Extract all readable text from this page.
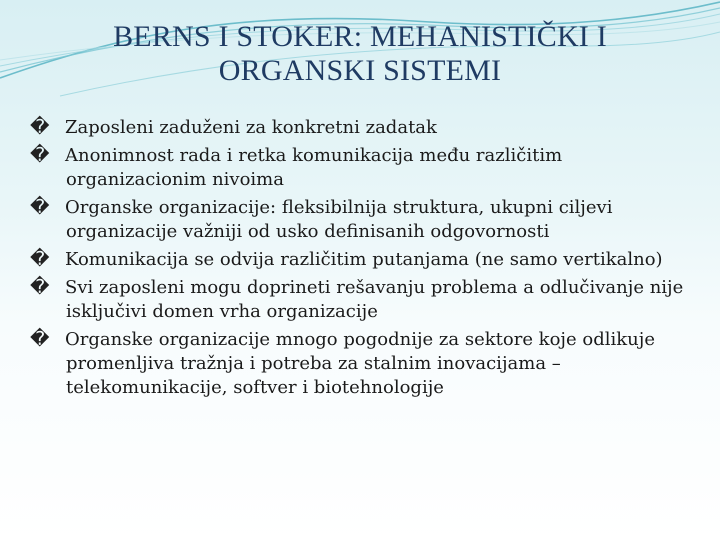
BERNS I STOKER: MEHANISTIČKI I
ORGANSKI SISTEMI
� Zaposleni zaduženi za konkretni zadatak
� Anonimnost rada i retka komunikacija među različitim organizacionim nivoima
� Organske organizacije: fleksibilnija struktura, ukupni ciljevi organizacije važniji od usko definisanih odgovornosti
� Komunikacija se odvija različitim putanjama (ne samo vertikalno)
� Svi zaposleni mogu doprineti rešavanju problema a odlučivanje nije isključivi domen vrha organizacije
� Organske organizacije mnogo pogodnije za sektore koje odlikuje promenljiva tražnja i potreba za stalnim inovacijama – telekomunikacije, softver i biotehnologije
